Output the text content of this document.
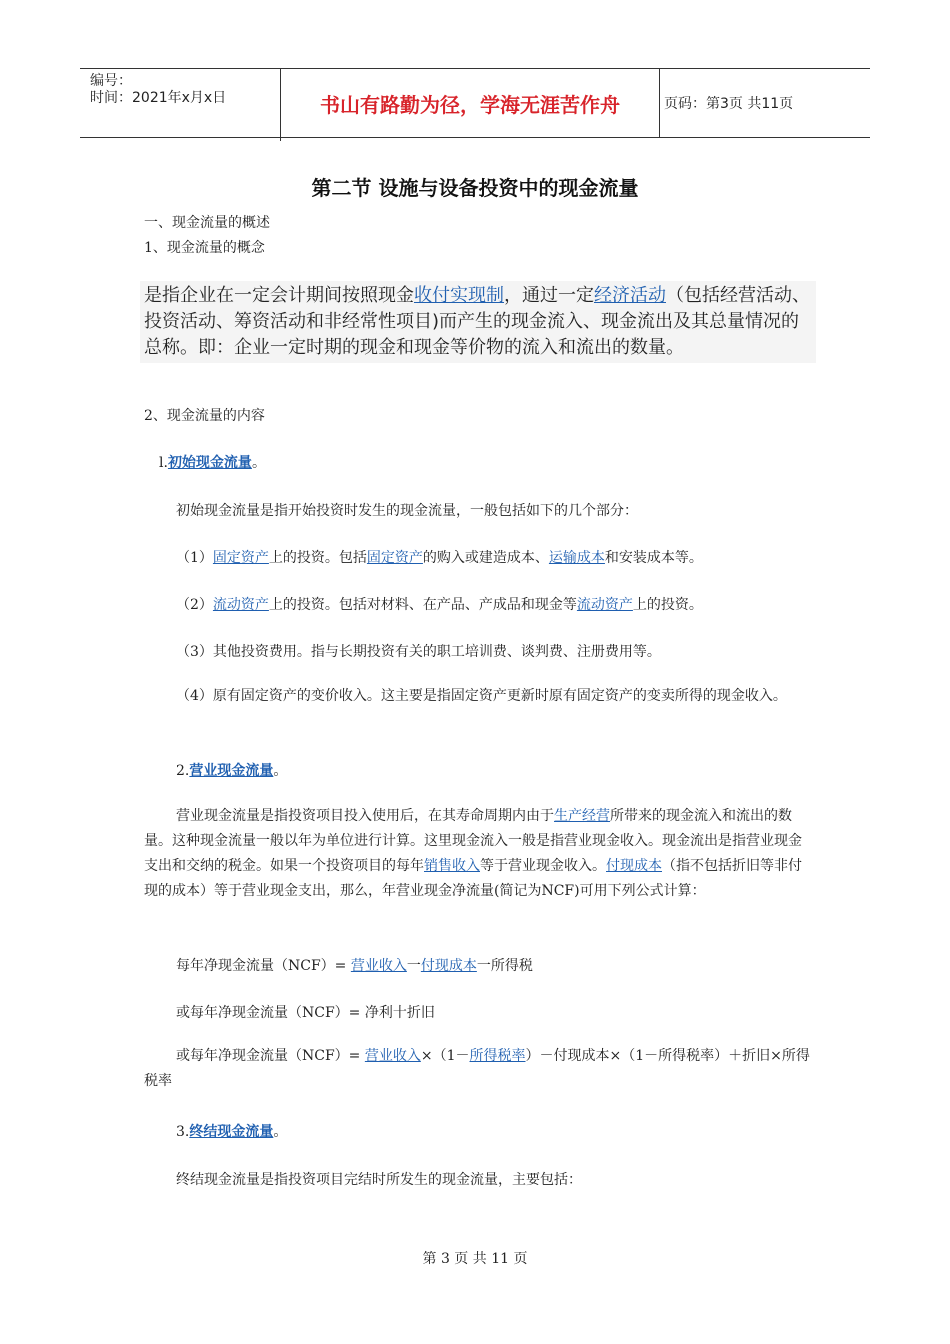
编号：
时间：2021年x月x日	书山有路勤为径，学海无涯苦作舟	页码：第3页 共11页
第二节 设施与设备投资中的现金流量
一、现金流量的概述
1、现金流量的概念
是指企业在一定会计期间按照现金收付实现制，通过一定经济活动（包括经营活动、投资活动、筹资活动和非经常性项目)而产生的现金流入、现金流出及其总量情况的总称。即：企业一定时期的现金和现金等价物的流入和流出的数量。
2、现金流量的内容
l.初始现金流量。
初始现金流量是指开始投资时发生的现金流量，一般包括如下的几个部分：
（1）固定资产上的投资。包括固定资产的购入或建造成本、运输成本和安装成本等。
（2）流动资产上的投资。包括对材料、在产品、产成品和现金等流动资产上的投资。
（3）其他投资费用。指与长期投资有关的职工培训费、谈判费、注册费用等。
（4）原有固定资产的变价收入。这主要是指固定资产更新时原有固定资产的变卖所得的现金收入。
2.营业现金流量。
营业现金流量是指投资项目投入使用后，在其寿命周期内由于生产经营所带来的现金流入和流出的数量。这种现金流量一般以年为单位进行计算。这里现金流入一般是指营业现金收入。现金流出是指营业现金支出和交纳的税金。如果一个投资项目的每年销售收入等于营业现金收入。付现成本（指不包括折旧等非付现的成本）等于营业现金支出，那么，年营业现金净流量(简记为NCF)可用下列公式计算：
每年净现金流量（NCF）= 营业收入一付现成本一所得税
或每年净现金流量（NCF）= 净利十折旧
或每年净现金流量（NCF）= 营业收入×（1－所得税率）－付现成本×（1－所得税率）＋折旧×所得税率
3.终结现金流量。
终结现金流量是指投资项目完结时所发生的现金流量，主要包括：
第 3 页 共 11 页
